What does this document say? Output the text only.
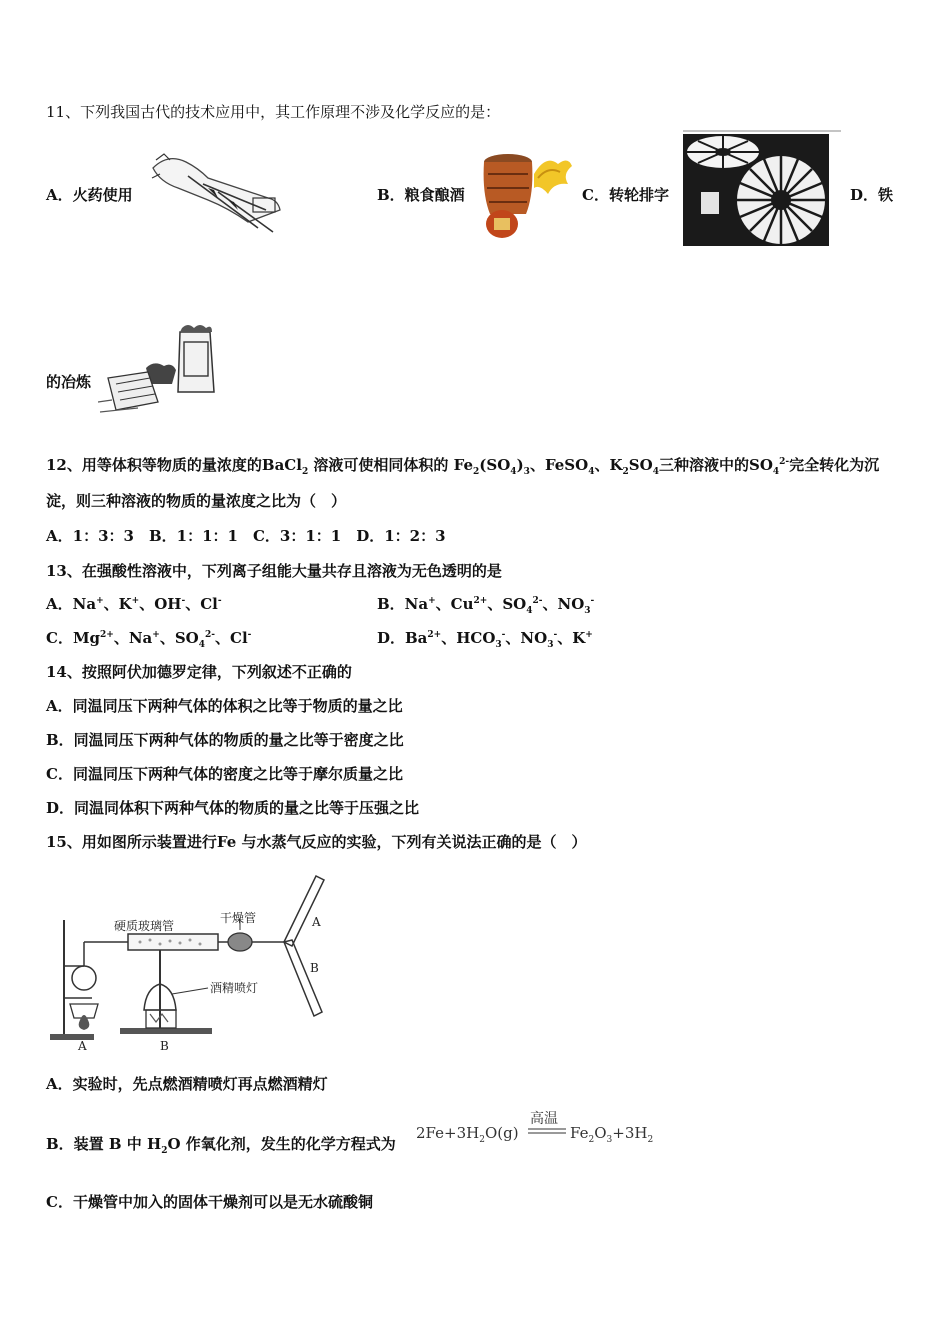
11、下列我国古代的技术应用中，其工作原理不涉及化学反应的是：
A．火药使用	B．粮食酿酒	C．转轮排字	D．铁
的冶炼
12、用等体积等物质的量浓度的BaCl$_2$ 溶液可使相同体积的 $Fe_2(SO_4)_3$、FeSO$_4$、$K_2SO_4$三种溶液中的$SO_4^{2-}$完全转化为沉
淀，则三种溶液的物质的量浓度之比为（　）
A．1：3：3　B．1：1：1　C．3：1：1　D．1：2：3
13、在强酸性溶液中，下列离子组能大量共存且溶液为无色透明的是
A．Na+、K+、OH-、Cl-	B．Na+、$Cu^{2+}$、$SO_4^{2-}$、$NO_3^-$
C．$Mg^{2+}$、Na+、$SO_4^{2-}$、Cl-	D．$Ba^{2+}$、$HCO_3^-$、$NO_3^-$、K+
14、按照阿伏加德罗定律，下列叙述不正确的
A．同温同压下两种气体的体积之比等于物质的量之比
B．同温同压下两种气体的物质的量之比等于密度之比
C．同温同压下两种气体的密度之比等于摩尔质量之比
D．同温同体积下两种气体的物质的量之比等于压强之比
15、用如图所示装置进行Fe 与水蒸气反应的实验，下列有关说法正确的是（　）
硬质玻璃管
干燥管
酒精喷灯
A	B
A
B
A．实验时，先点燃酒精喷灯再点燃酒精灯
B．装置 B 中 $H_2O$ 作氧化剂，发生的化学方程式为
$2Fe+3H_2O(g)$
高温
$Fe_2O_3+3H_2$
C．干燥管中加入的固体干燥剂可以是无水硫酸铜
